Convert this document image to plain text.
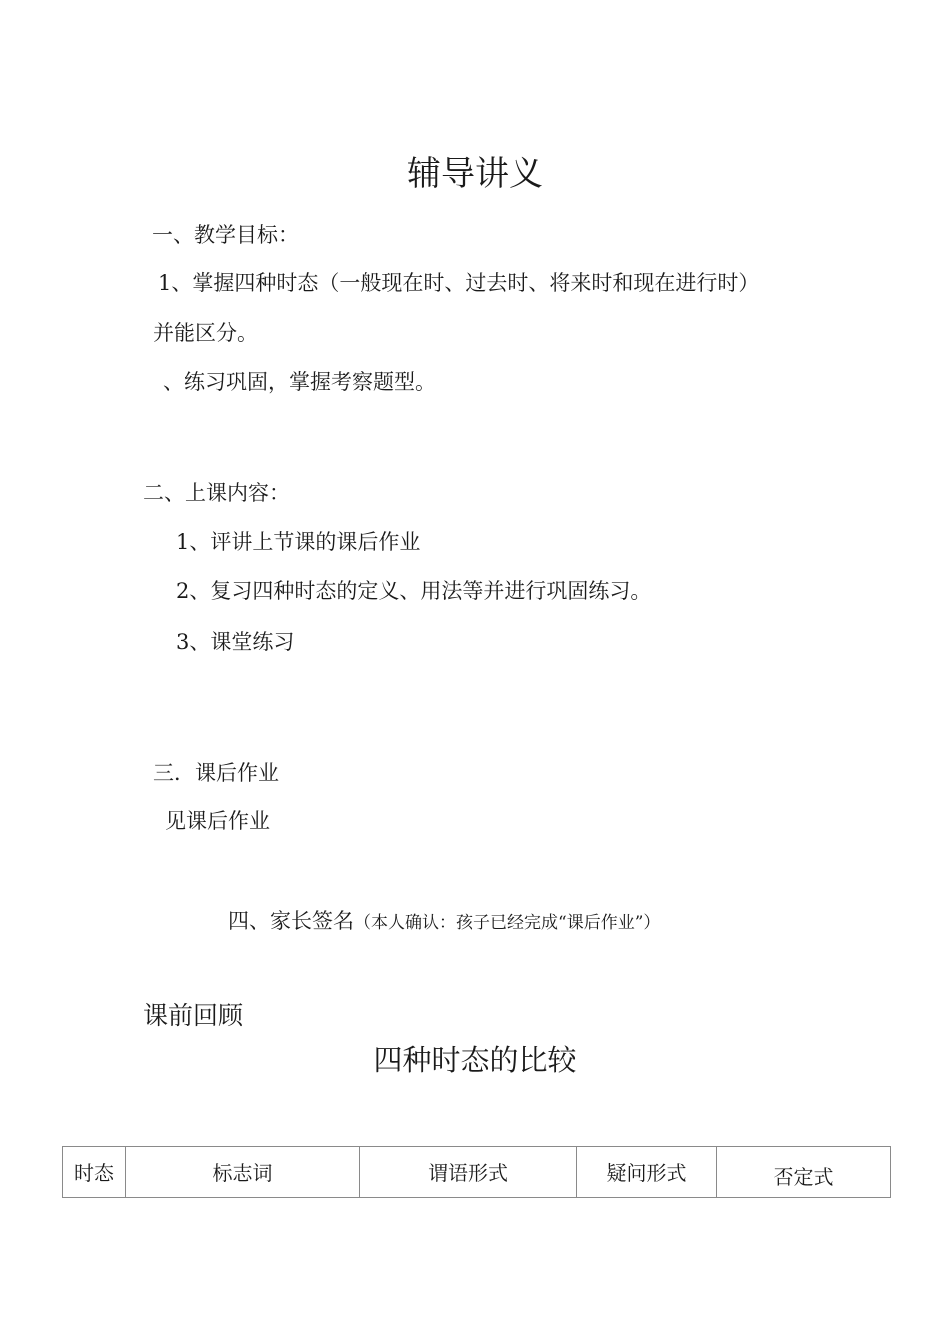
辅导讲义
一、教学目标：
1、掌握四种时态（一般现在时、过去时、将来时和现在进行时）
并能区分。
、练习巩固，掌握考察题型。
二、上课内容：
1、评讲上节课的课后作业
2、复习四种时态的定义、用法等并进行巩固练习。
3、课堂练习
三．课后作业
见课后作业
四、家长签名（本人确认：孩子已经完成“课后作业”）
课前回顾
四种时态的比较
时态	标志词	谓语形式	疑问形式	否定式
